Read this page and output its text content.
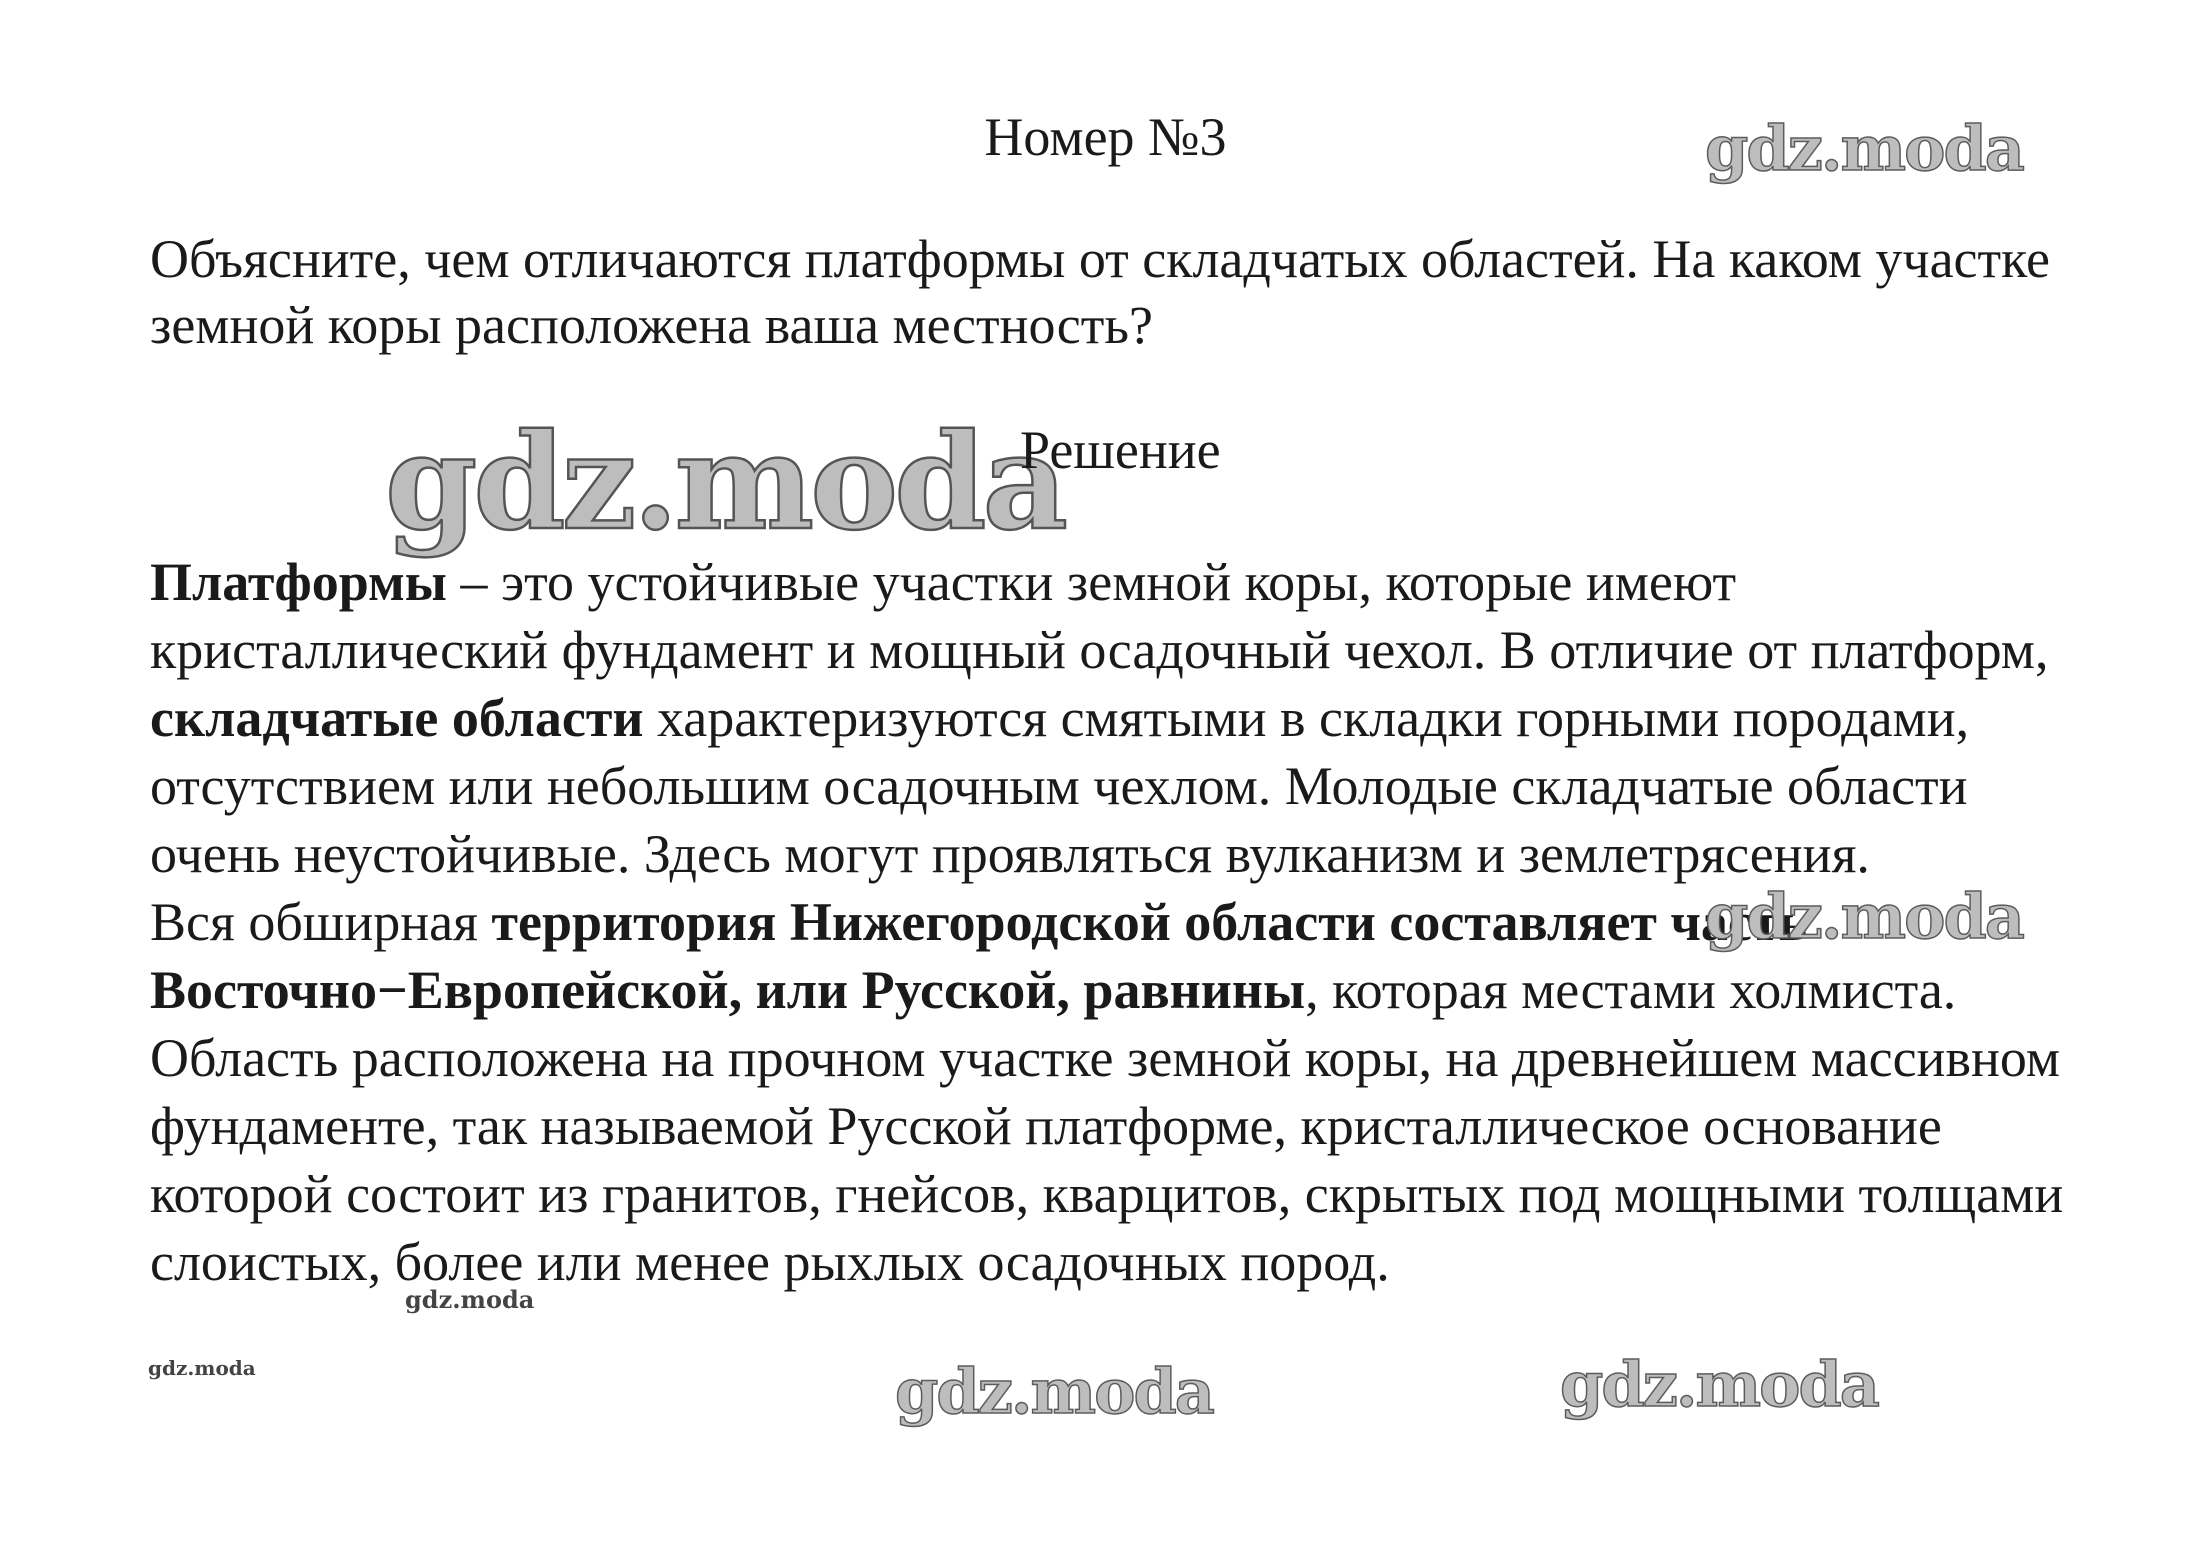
Номер №3	gdz.moda
Объясните, чем отличаются платформы от складчатых областей. На каком участке земной коры расположена ваша местность?
gdz.moda
Решение
Платформы – это устойчивые участки земной коры, которые имеют кристаллический фундамент и мощный осадочный чехол. В отличие от платформ, складчатые области характеризуются смятыми в складки горными породами, отсутствием или небольшим осадочным чехлом. Молодые складчатые области очень неустойчивые. Здесь могут проявляться вулканизм и землетрясения.
Вся обширная территория Нижегородской области составляет часть Восточно−Европейской, или Русской, равнины, которая местами холмиста. Область расположена на прочном участке земной коры, на древнейшем массивном фундаменте, так называемой Русской платформе, кристаллическое основание которой состоит из гранитов, гнейсов, кварцитов, скрытых под мощными толщами слоистых, более или менее рыхлых осадочных пород.
gdz.moda
gdz.moda	gdz.moda
gdz.moda
gdz.moda
